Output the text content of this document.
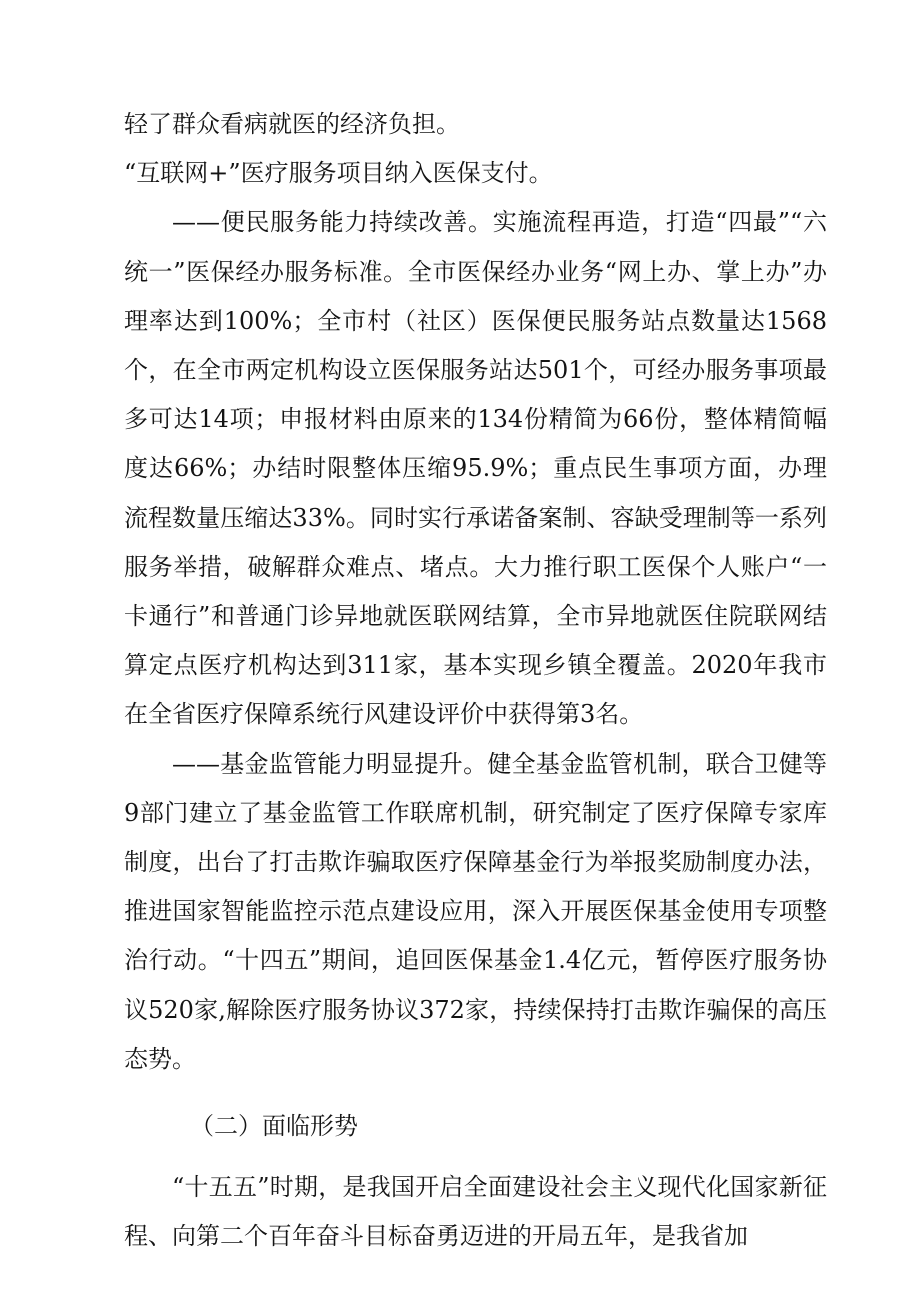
轻了群众看病就医的经济负担。

“互联网+”医疗服务项目纳入医保支付。

——便民服务能力持续改善。实施流程再造，打造“四最”“六统一”医保经办服务标准。全市医保经办业务“网上办、掌上办”办理率达到100%；全市村（社区）医保便民服务站点数量达1568个，在全市两定机构设立医保服务站达501个，可经办服务事项最多可达14项；申报材料由原来的134份精简为66份，整体精简幅度达66%；办结时限整体压缩95.9%；重点民生事项方面，办理流程数量压缩达33%。同时实行承诺备案制、容缺受理制等一系列服务举措，破解群众难点、堵点。大力推行职工医保个人账户“一卡通行”和普通门诊异地就医联网结算，全市异地就医住院联网结算定点医疗机构达到311家，基本实现乡镇全覆盖。2020年我市在全省医疗保障系统行风建设评价中获得第3名。

——基金监管能力明显提升。健全基金监管机制，联合卫健等9部门建立了基金监管工作联席机制，研究制定了医疗保障专家库制度，出台了打击欺诈骗取医疗保障基金行为举报奖励制度办法，推进国家智能监控示范点建设应用，深入开展医保基金使用专项整治行动。“十四五”期间，追回医保基金1.4亿元，暂停医疗服务协议520家,解除医疗服务协议372家，持续保持打击欺诈骗保的高压态势。

（二）面临形势

“十五五”时期，是我国开启全面建设社会主义现代化国家新征程、向第二个百年奋斗目标奋勇迈进的开局五年，是我省加
